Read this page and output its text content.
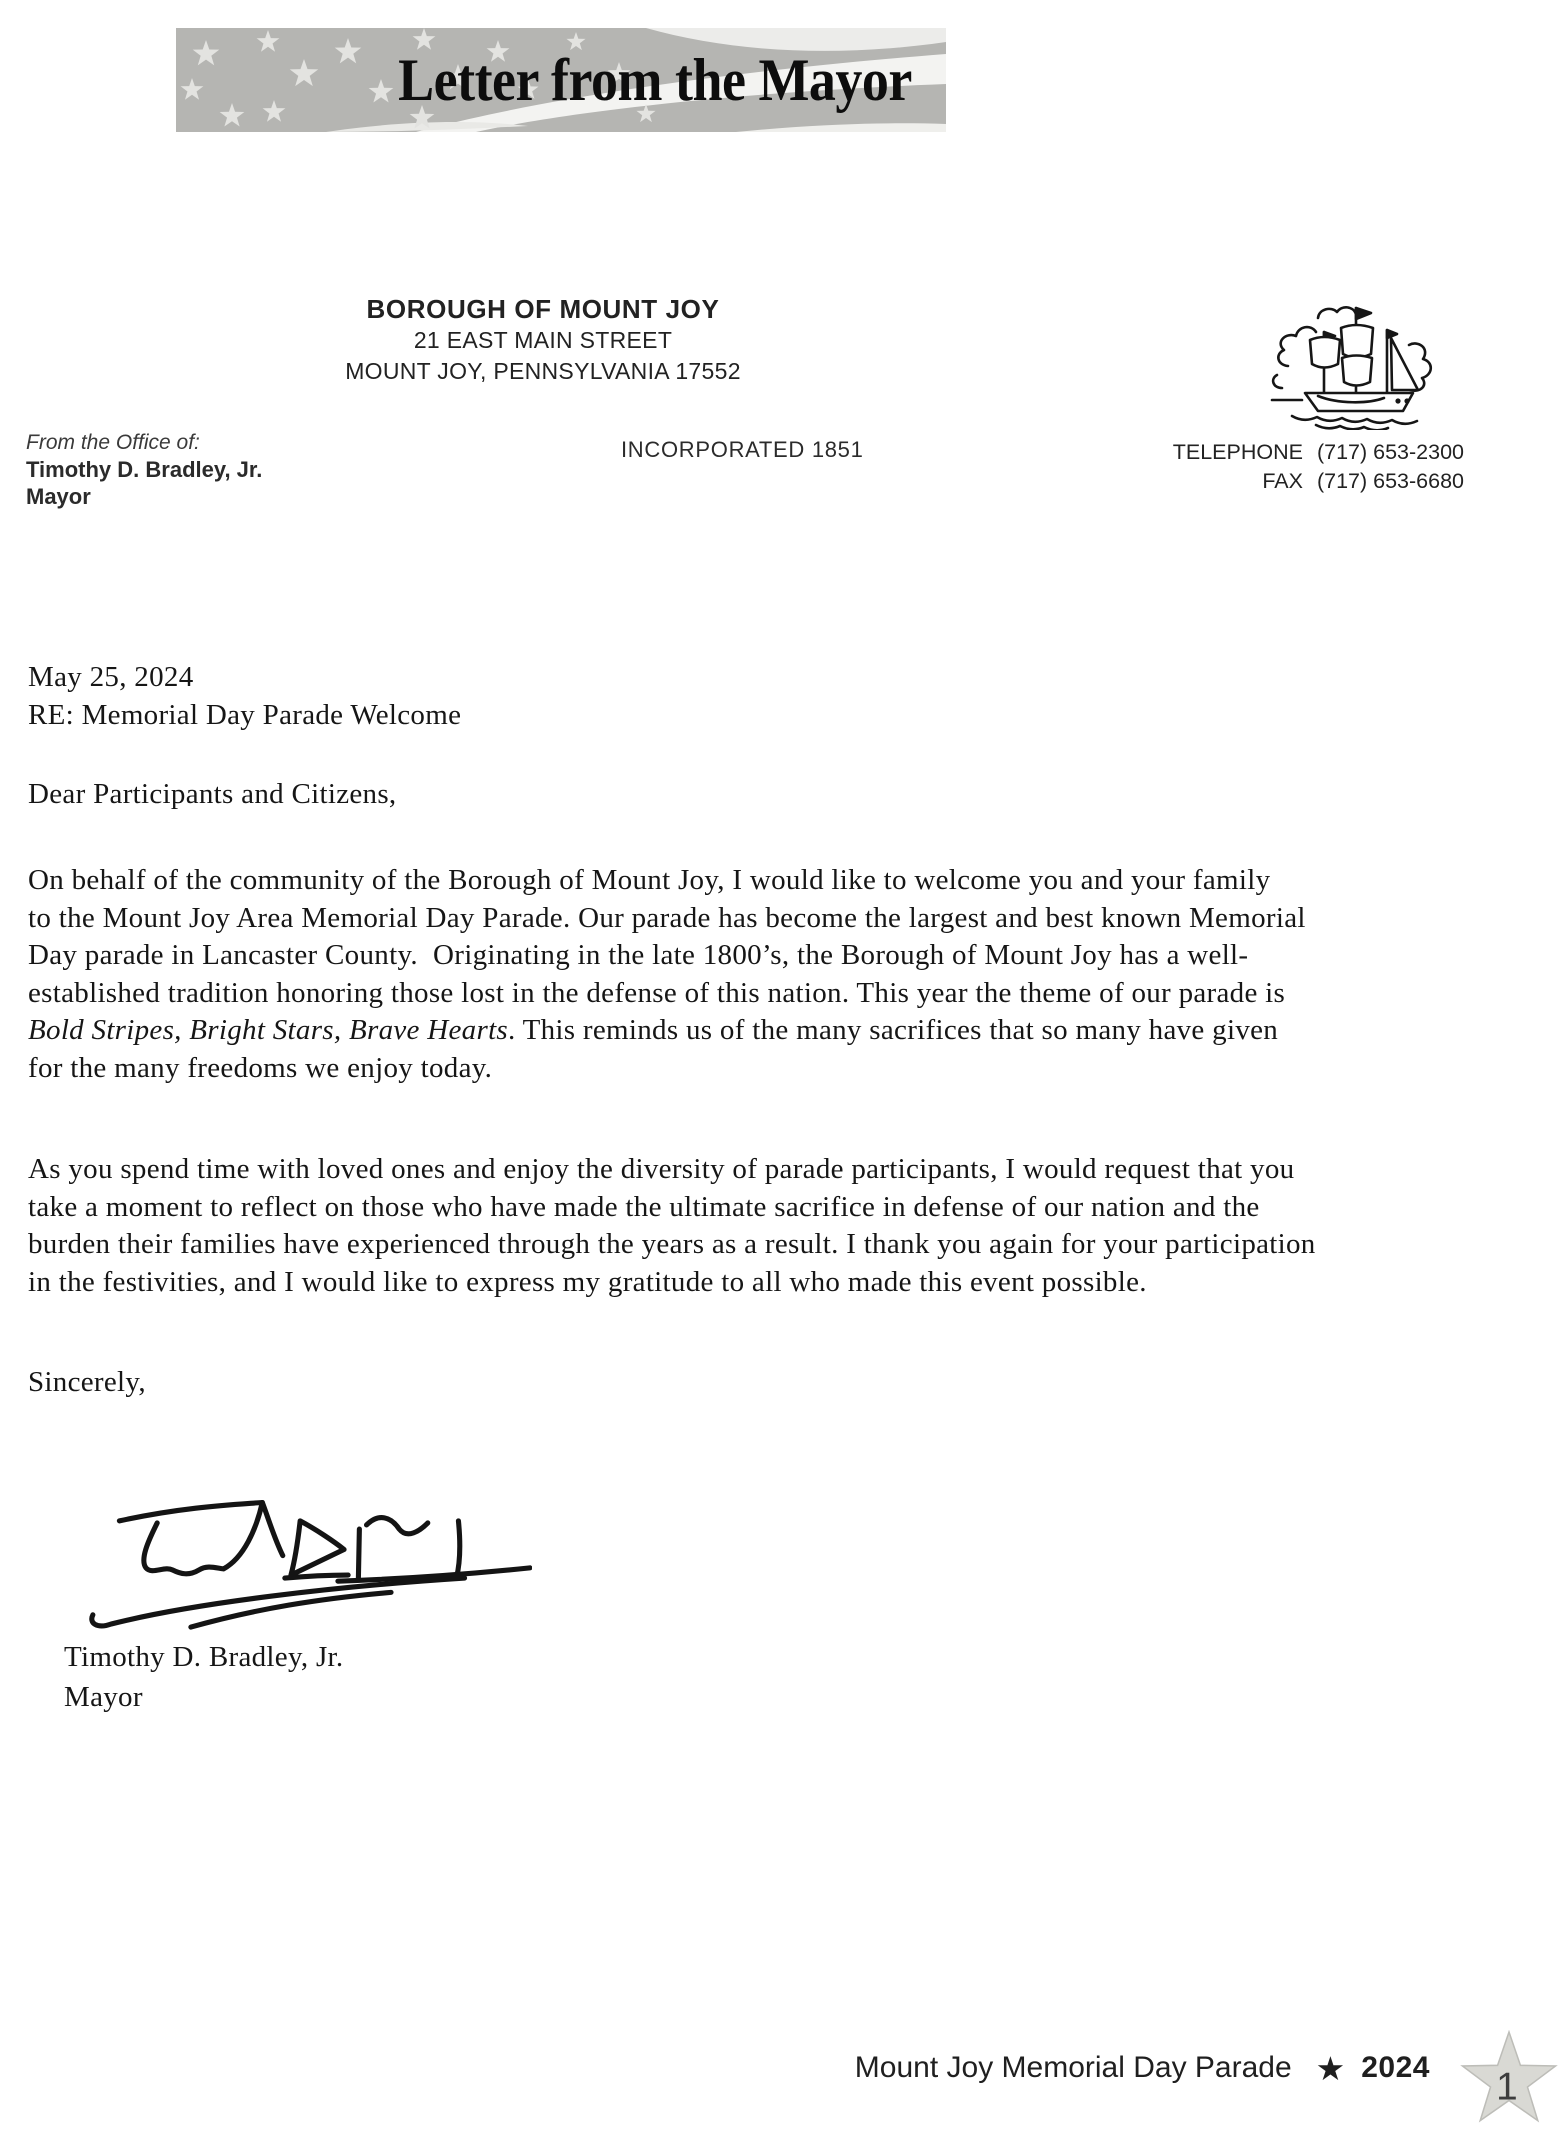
Letter from the Mayor
BOROUGH OF MOUNT JOY
21 EAST MAIN STREET
MOUNT JOY, PENNSYLVANIA 17552
From the Office of:
Timothy D. Bradley, Jr.
Mayor
INCORPORATED 1851	TELEPHONE (717) 653-2300
FAX (717) 653-6680
May 25, 2024
RE: Memorial Day Parade Welcome
Dear Participants and Citizens,
On behalf of the community of the Borough of Mount Joy, I would like to welcome you and your family
to the Mount Joy Area Memorial Day Parade. Our parade has become the largest and best known Memorial
Day parade in Lancaster County.  Originating in the late 1800’s, the Borough of Mount Joy has a well-
established tradition honoring those lost in the defense of this nation. This year the theme of our parade is
Bold Stripes, Bright Stars, Brave Hearts. This reminds us of the many sacrifices that so many have given
for the many freedoms we enjoy today.
As you spend time with loved ones and enjoy the diversity of parade participants, I would request that you
take a moment to reflect on those who have made the ultimate sacrifice in defense of our nation and the
burden their families have experienced through the years as a result. I thank you again for your participation
in the festivities, and I would like to express my gratitude to all who made this event possible.
Sincerely,
Timothy D. Bradley, Jr.
Mayor
Mount Joy Memorial Day Parade ★ 2024 1
